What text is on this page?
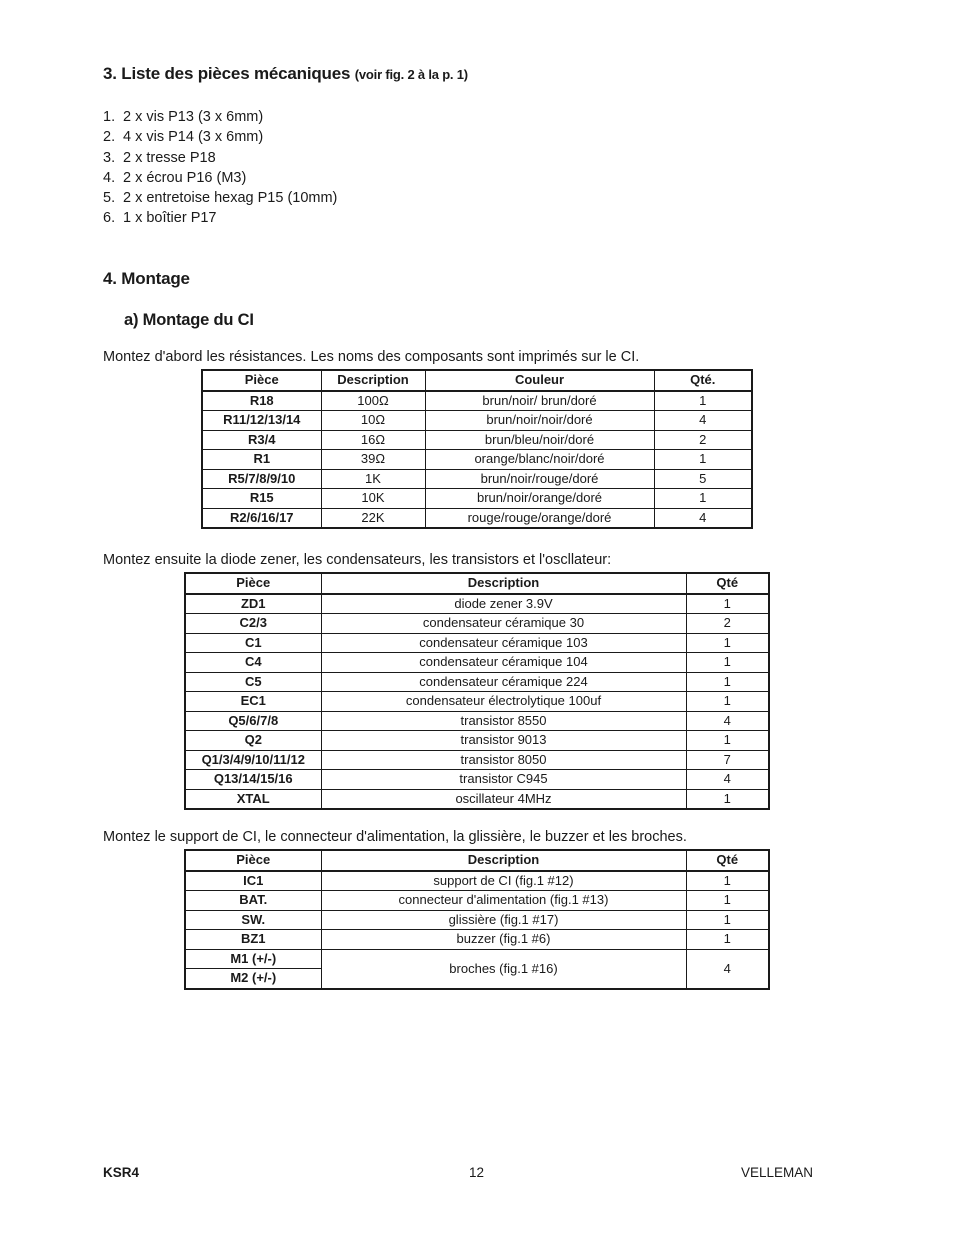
3. Liste des pièces mécaniques (voir fig. 2 à la p. 1)
1. 2 x vis P13 (3 x 6mm)
2. 4 x vis P14 (3 x 6mm)
3. 2 x tresse P18
4. 2 x écrou P16 (M3)
5. 2 x entretoise hexag P15 (10mm)
6. 1 x boîtier P17
4. Montage
a) Montage du CI

Montez d'abord les résistances. Les noms des composants sont imprimés sur le CI.

Pièce	Description	Couleur	Qté.
R18	100Ω	brun/noir/ brun/doré	1
R11/12/13/14	10Ω	brun/noir/noir/doré	4
R3/4	16Ω	brun/bleu/noir/doré	2
R1	39Ω	orange/blanc/noir/doré	1
R5/7/8/9/10	1K	brun/noir/rouge/doré	5
R15	10K	brun/noir/orange/doré	1
R2/6/16/17	22K	rouge/rouge/orange/doré	4

Montez ensuite la diode zener, les condensateurs, les transistors et l'oscllateur:

Pièce	Description	Qté
ZD1	diode zener 3.9V	1
C2/3	condensateur céramique 30	2
C1	condensateur céramique 103	1
C4	condensateur céramique 104	1
C5	condensateur céramique 224	1
EC1	condensateur électrolytique 100uf	1
Q5/6/7/8	transistor 8550	4
Q2	transistor 9013	1
Q1/3/4/9/10/11/12	transistor 8050	7
Q13/14/15/16	transistor C945	4
XTAL	oscillateur 4MHz	1

Montez le support de CI, le connecteur d'alimentation, la glissière, le buzzer et les broches.

Pièce	Description	Qté
IC1	support de CI (fig.1 #12)	1
BAT.	connecteur d'alimentation (fig.1 #13)	1
SW.	glissière (fig.1 #17)	1
BZ1	buzzer (fig.1 #6)	1
M1 (+/-)	broches (fig.1 #16)	4
M2 (+/-)		
KSR4	12	VELLEMAN
